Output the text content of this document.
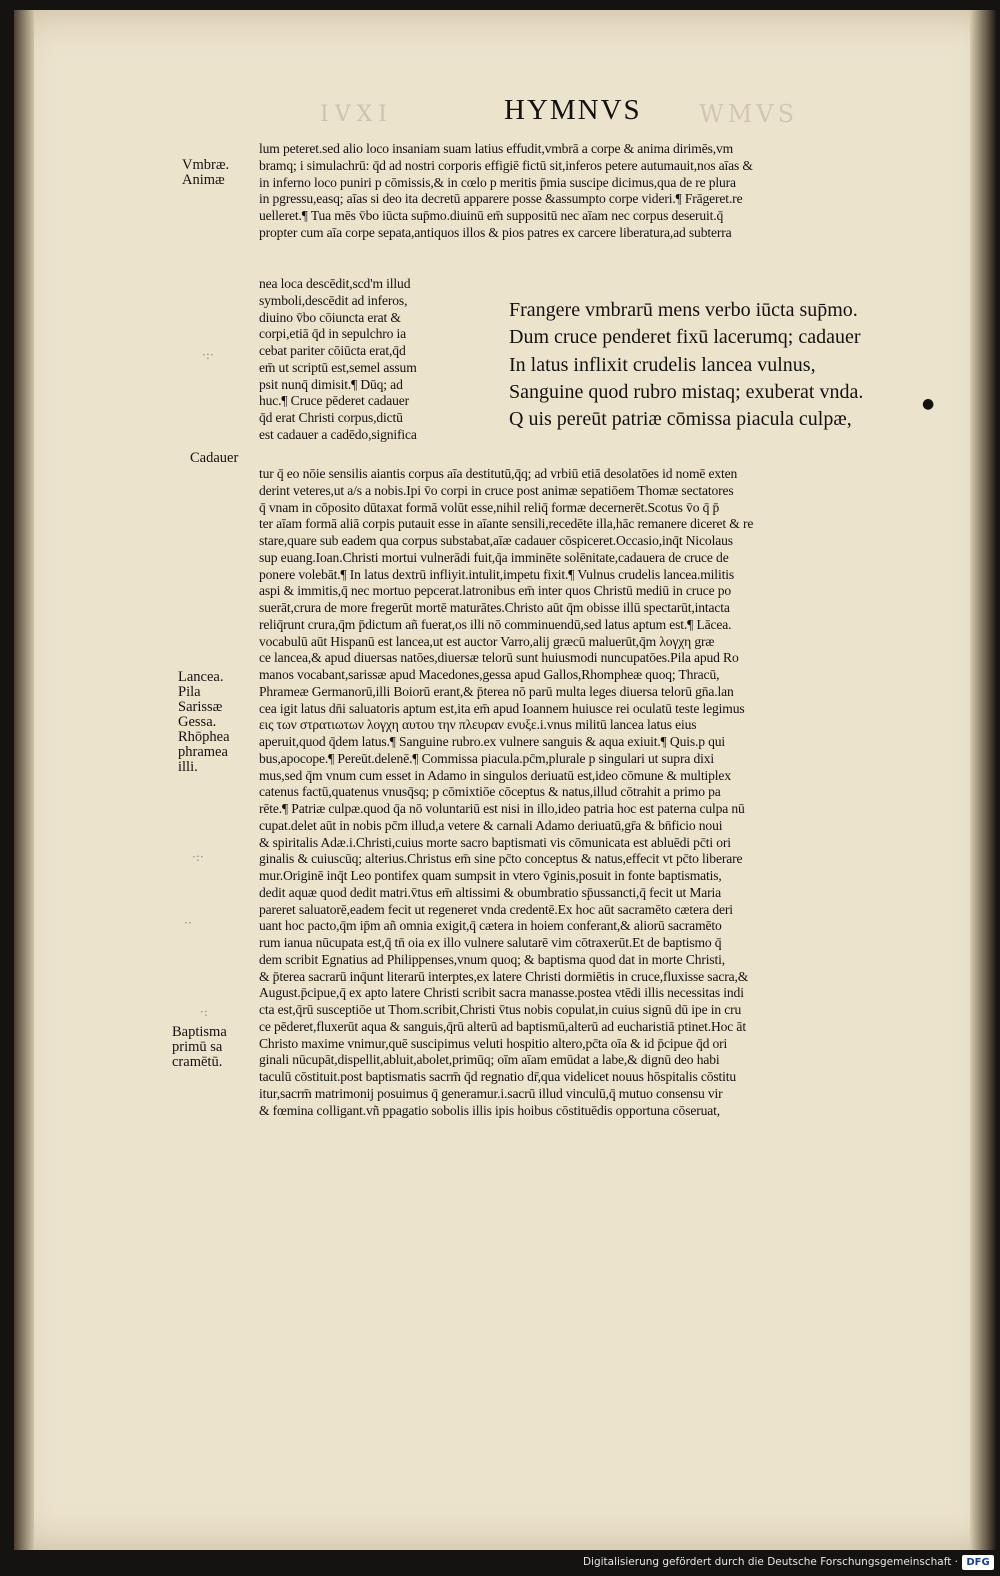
IVXI	HYMNVS WMVS
Vmbræ.
Animæ
Cadauer
Lancea.
Pila
Sarissæ
Gessa.
Rhōphea
phramea
illi.
Baptisma
primū sa
cramētū.
·:·
·:·
··
·:
●
lum peteret.sed alio loco insaniam suam latius effudit,vmbrā a corpe & anima dirimēs,vm
bramq; i simulachrū: q̄d ad nostri corporis effigiē fictū sit,inferos petere autumauit,nos aīas &
in inferno loco puniri p cōmissis,& in cœlo p meritis p̄mia suscipe dicimus,qua de re plura
in pgressu,easq; aīas si deo ita decretū apparere posse &assumpto corpe videri.¶ Frāgeret.re
uelleret.¶ Tua mēs v̄bo iūcta sup̄mo.diuinū em̄ suppositū nec aīam nec corpus deseruit.q̄
propter cum aīa corpe sepata,antiquos illos & pios patres ex carcere liberatura,ad subterra
nea loca descēdit,scd'm illud
symboli,descēdit ad inferos,
diuino v̄bo cōiuncta erat &
corpi,etiā q̄d in sepulchro ia
cebat pariter cōiūcta erat,q̄d
em̄ ut scriptū est,semel assum
psit nunq̄ dimisit.¶ Dūq; ad
huc.¶ Cruce pēderet cadauer
q̄d erat Christi corpus,dictū
est cadauer a cadēdo,significa
Frangere vmbrarū mens verbo iūcta sup̄mo.
Dum cruce penderet fixū lacerumq; cadauer
In latus inflixit crudelis lancea vulnus,
Sanguine quod rubro mistaq; exuberat vnda.
Q uis pereūt patriæ cōmissa piacula culpæ,
tur q̄ eo nōie sensilis aiantis corpus aīa destitutū,q̄q; ad vrbiū etiā desolatōes id nomē exten
derint veteres,ut a/s a nobis.Ipi v̄o corpi in cruce post animæ sepatiōem Thomæ sectatores
q̄ vnam in cōposito dūtaxat formā volūt esse,nihil reliq̄ formæ decernerēt.Scotus v̄o q̄ p̄
ter aīam formā aliā corpis putauit esse in aīante sensili,recedēte illa,hāc remanere diceret & re
stare,quare sub eadem qua corpus substabat,aīæ cadauer cōspiceret.Occasio,inq̄t Nicolaus
sup euang.Ioan.Christi mortui vulnerādi fuit,q̄a imminēte solēnitate,cadauera de cruce de
ponere volebāt.¶ In latus dextrū infliyit.intulit,impetu fixit.¶ Vulnus crudelis lancea.militis
aspi & immitis,q̄ nec mortuo pepcerat.latronibus em̄ inter quos Christū mediū in cruce po
suerāt,crura de more fregerūt mortē maturātes.Christo aūt q̄m obisse illū spectarūt,intacta
reliq̄runt crura,q̄m p̄dictum añ fuerat,os illi nō comminuendū,sed latus aptum est.¶ Lācea.
vocabulū aūt Hispanū est lancea,ut est auctor Varro,alij græcū maluerūt,q̄m λογχη græ
ce lancea,& apud diuersas natōes,diuersæ telorū sunt huiusmodi nuncupatōes.Pila apud Ro
manos vocabant,sarissæ apud Macedones,gessa apud Gallos,Rhompheæ quoq; Thracū,
Phrameæ Germanorū,illi Boiorū erant,& p̄terea nō parū multa leges diuersa telorū gn̄a.lan
cea igit latus dn̄i saluatoris aptum est,ita em̄ apud Ioannem huiusce rei oculatū teste legimus
εις των στρατιωτων λογχη αυτου την πλευραν ενυξε.i.vnus militū lancea latus eius
aperuit,quod q̄dem latus.¶ Sanguine rubro.ex vulnere sanguis & aqua exiuit.¶ Quis.p qui
bus,apocope.¶ Pereūt.delenē.¶ Commissa piacula.pc̄m,plurale p singulari ut supra dixi
mus,sed q̄m vnum cum esset in Adamo in singulos deriuatū est,ideo cōmune & multiplex
catenus factū,quatenus vnusq̄sq; p cōmixtiōe cōceptus & natus,illud cōtrahit a primo pa
rēte.¶ Patriæ culpæ.quod q̄a nō voluntariū est nisi in illo,ideo patria hoc est paterna culpa nū
cupat.delet aūt in nobis pc̄m illud,a vetere & carnali Adamo deriuatū,gr̄a & bn̄ficio noui
& spiritalis Adæ.i.Christi,cuius morte sacro baptismati vis cōmunicata est abluēdi pc̄ti ori
ginalis & cuiuscūq; alterius.Christus em̄ sine pc̄to conceptus & natus,effecit vt pc̄to liberare
mur.Originē inq̄t Leo pontifex quam sumpsit in vtero v̄ginis,posuit in fonte baptismatis,
dedit aquæ quod dedit matri.v̄tus em̄ altissimi & obumbratio sp̄ussancti,q̄ fecit ut Maria
pareret saluatorē,eadem fecit ut regeneret vnda credentē.Ex hoc aūt sacramēto cætera deri
uant hoc pacto,q̄m ip̄m añ omnia exigit,q̄ cætera in hoiem conferant,& aliorū sacramēto
rum ianua nūcupata est,q̄ tn̄ oia ex illo vulnere salutarē vim cōtraxerūt.Et de baptismo q̄
dem scribit Egnatius ad Philippenses,vnum quoq; & baptisma quod dat in morte Christi,
& p̄terea sacrarū inq̄unt literarū interptes,ex latere Christi dormiētis in cruce,fluxisse sacra,&
August.p̄cipue,q̄ ex apto latere Christi scribit sacra manasse.postea vtēdi illis necessitas indi
cta est,q̄rū susceptiōe ut Thom.scribit,Christi v̄tus nobis copulat,in cuius signū dū ipe in cru
ce pēderet,fluxerūt aqua & sanguis,q̄rū alterū ad baptismū,alterū ad eucharistiā ptinet.Hoc āt
Christo maxime vnimur,quē suscipimus veluti hospitio altero,pc̄ta oīa & id p̄cipue q̄d ori
ginali nūcupāt,dispellit,abluit,abolet,primūq; oīm aīam emūdat a labe,& dignū deo habi
taculū cōstituit.post baptismatis sacrm̄ q̄d regnatio dr̄,qua videlicet nouus hōspitalis cōstitu
itur,sacrm̄ matrimonij posuimus q̄ generamur.i.sacrū illud vinculū,q̄ mutuo consensu vir
& fœmina colligant.vñ ppagatio sobolis illis ipis hoibus cōstituēdis opportuna cōseruat,
Digitalisierung gefördert durch die Deutsche Forschungsgemeinschaft · DFG
